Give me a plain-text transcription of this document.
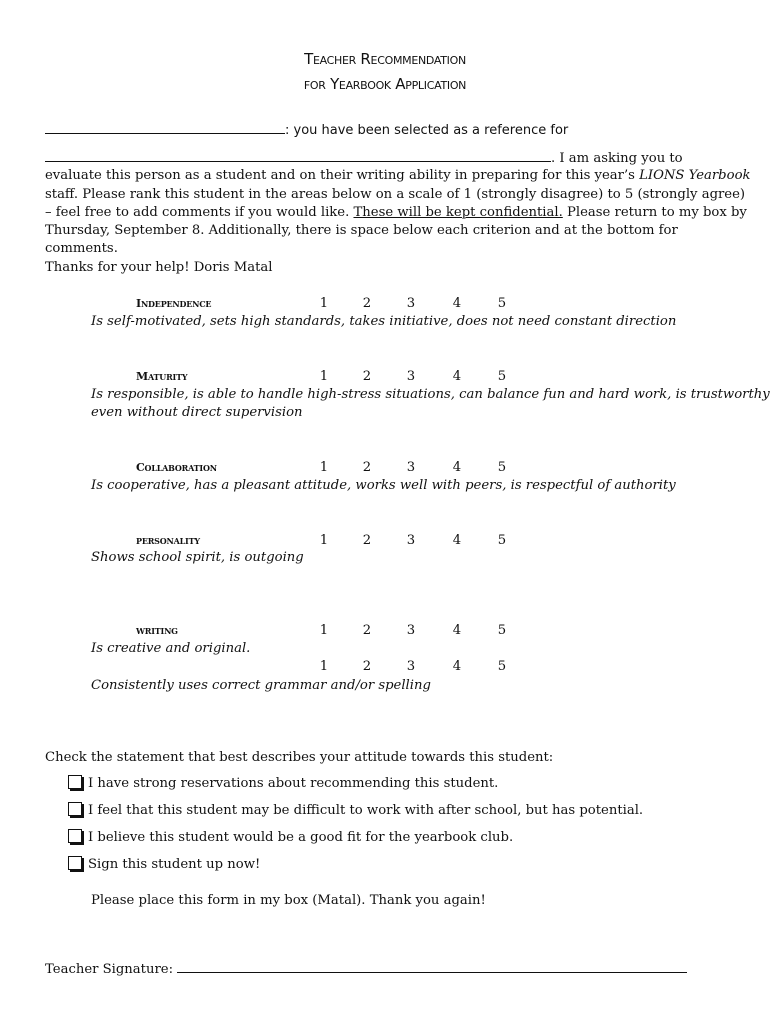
Teacher Recommendation
for Yearbook Application
: you have been selected as a reference for
. I am asking you to
evaluate this person as a student and on their writing ability in preparing for this year’s LIONS Yearbook
staff. Please rank this student in the areas below on a scale of 1 (strongly disagree) to 5 (strongly agree)
– feel free to add comments if you would like. These will be kept confidential. Please return to my box by
Thursday, September 8. Additionally, there is space below each criterion and at the bottom for
comments.
Thanks for your help! Doris Matal
Independence	1	2	3	4	5
Is self-motivated, sets high standards, takes initiative, does not need constant direction
Maturity	1	2	3	4	5
Is responsible, is able to handle high-stress situations, can balance fun and hard work, is trustworthy
even without direct supervision
Collaboration	1	2	3	4	5
Is cooperative, has a pleasant attitude, works well with peers, is respectful of authority
personality	1	2	3	4	5
Shows school spirit, is outgoing
writing	1	2	3	4	5
Is creative and original.
1	2	3	4	5
Consistently uses correct grammar and/or spelling
Check the statement that best describes your attitude towards this student:
I have strong reservations about recommending this student.
I feel that this student may be difficult to work with after school, but has potential.
I believe this student would be a good fit for the yearbook club.
Sign this student up now!
Please place this form in my box (Matal). Thank you again!
Teacher Signature:
